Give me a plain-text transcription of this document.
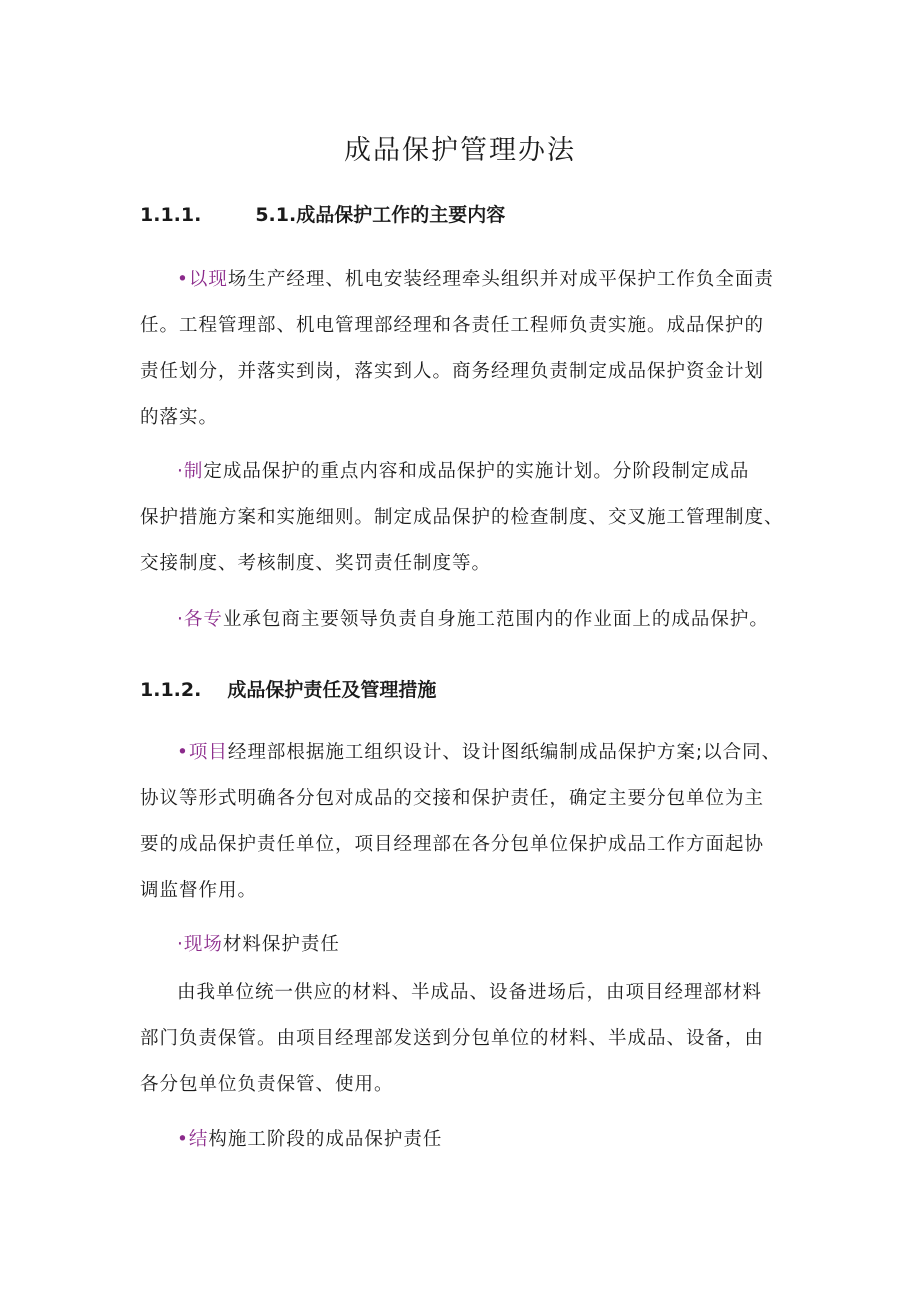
成品保护管理办法
1.1.1.	5.1.成品保护工作的主要内容
•以现场生产经理、机电安装经理牵头组织并对成平保护工作负全面责
任。工程管理部、机电管理部经理和各责任工程师负责实施。成品保护的
责任划分，并落实到岗，落实到人。商务经理负责制定成品保护资金计划
的落实。
·制定成品保护的重点内容和成品保护的实施计划。分阶段制定成品
保护措施方案和实施细则。制定成品保护的检查制度、交叉施工管理制度、
交接制度、考核制度、奖罚责任制度等。
·各专业承包商主要领导负责自身施工范围内的作业面上的成品保护。
1.1.2. 成品保护责任及管理措施
•项目经理部根据施工组织设计、设计图纸编制成品保护方案;以合同、
协议等形式明确各分包对成品的交接和保护责任，确定主要分包单位为主
要的成品保护责任单位，项目经理部在各分包单位保护成品工作方面起协
调监督作用。
·现场材料保护责任
由我单位统一供应的材料、半成品、设备进场后，由项目经理部材料
部门负责保管。由项目经理部发送到分包单位的材料、半成品、设备，由
各分包单位负责保管、使用。
•结构施工阶段的成品保护责任
